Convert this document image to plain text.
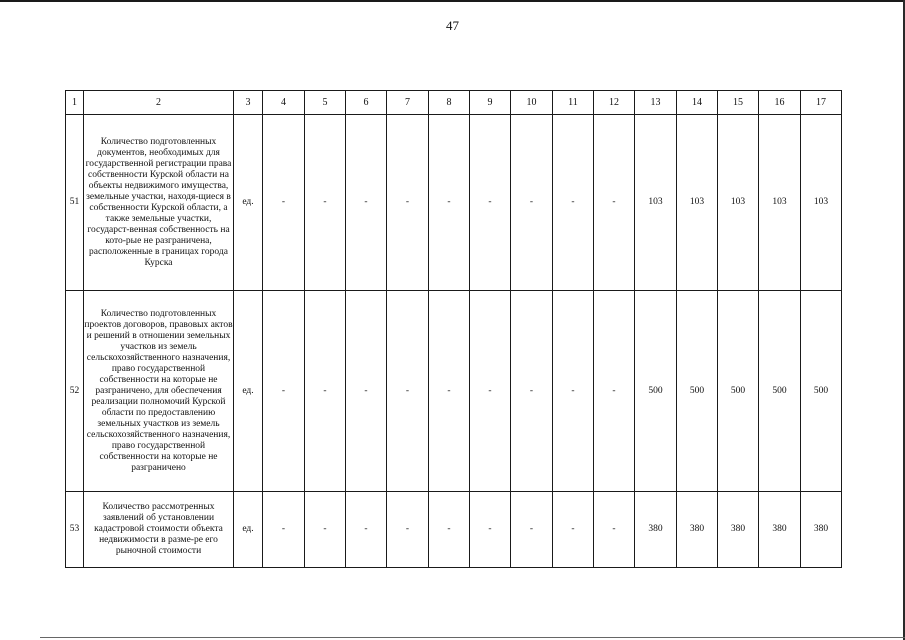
47
1	2	3	4	5	6	7	8	9	10	11	12	13	14	15	16	17
51	Количество подготовленных документов, необходимых для государственной регистрации права собственности Курской области на объекты недвижимого имущества, земельные участки, находя-щиеся в собственности Курской области, а также земельные участки, государст-венная собственность на кото-рые не разграничена, расположенные в границах города Курска	ед.	-	-	-	-	-	-	-	-	-	103	103	103	103	103
52	Количество подготовленных проектов договоров, правовых актов и решений в отношении земельных участков из земель сельскохозяйственного назначения, право государственной собственности на которые не разграничено, для обеспечения реализации полномочий Курской области по предоставлению земельных участков из земель сельскохозяйственного назначения, право государственной собственности на которые не разграничено	ед.	-	-	-	-	-	-	-	-	-	500	500	500	500	500
53	Количество рассмотренных заявлений об установлении кадастровой стоимости объекта недвижимости в разме-ре его рыночной стоимости	ед.	-	-	-	-	-	-	-	-	-	380	380	380	380	380
